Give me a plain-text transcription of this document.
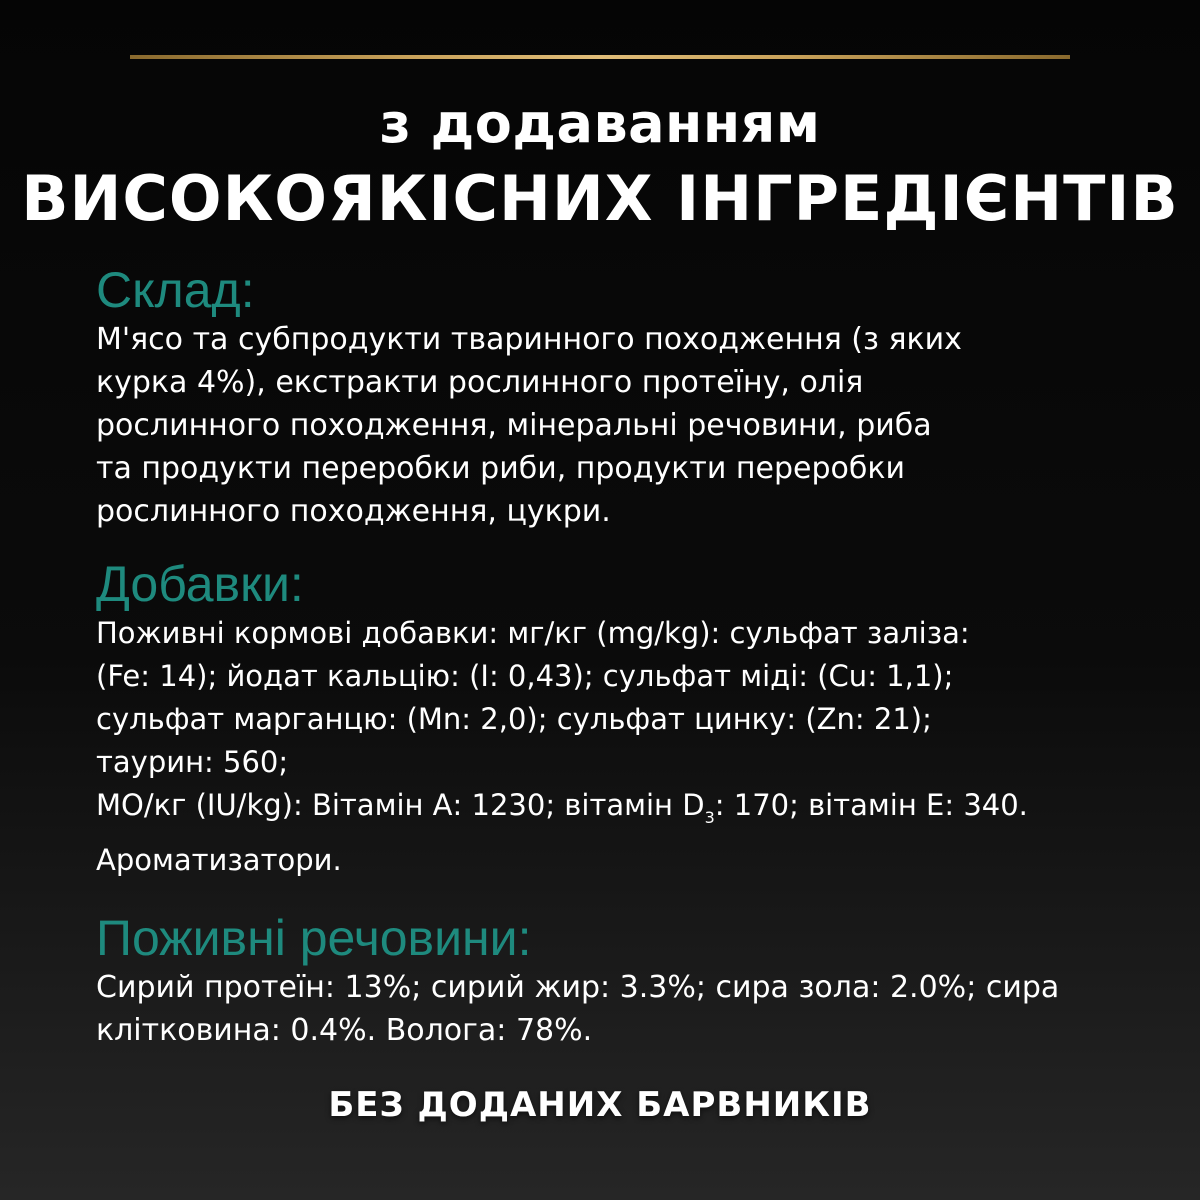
з додаванням
ВИСОКОЯКІСНИХ ІНГРЕДІЄНТІВ
Склад:

М'ясо та субпродукти тваринного походження (з яких
курка 4%), екстракти рослинного протеїну, олія
рослинного походження, мінеральні речовини, риба
та продукти переробки риби, продукти переробки
рослинного походження, цукри.

Добавки:

Поживні кормові добавки: мг/кг (mg/kg): сульфат заліза:
(Fe: 14); йодат кальцію: (I: 0,43); сульфат міді: (Cu: 1,1);
сульфат марганцю: (Mn: 2,0); сульфат цинку: (Zn: 21);
таурин: 560;
МО/кг (IU/kg): Вітамін А: 1230; вітамін $D_3$: 170; вітамін Е: 340.
Ароматизатори.

Поживні речовини:

Сирий протеїн: 13%; сирий жир: 3.3%; сира зола: 2.0%; сира
клітковина: 0.4%. Волога: 78%.

БЕЗ ДОДАНИХ БАРВНИКІВ
